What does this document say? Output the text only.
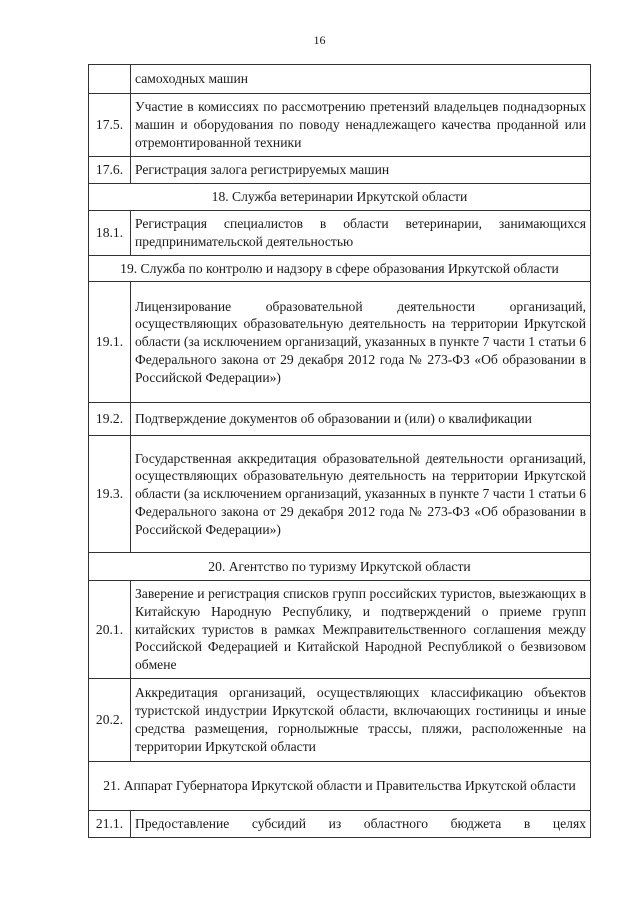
16
	самоходных машин
17.5.	Участие в комиссиях по рассмотрению претензий владельцев поднадзорных машин и оборудования по поводу ненадлежащего качества проданной или отремонтированной техники
17.6.	Регистрация залога регистрируемых машин
18. Служба ветеринарии Иркутской области	
18.1.	Регистрация специалистов в области ветеринарии, занимающихся предпринимательской деятельностью
19. Служба по контролю и надзору в сфере образования Иркутской области	
19.1.	Лицензирование образовательной деятельности организаций, осуществляющих образовательную деятельность на территории Иркутской области (за исключением организаций, указанных в пункте 7 части 1 статьи 6 Федерального закона от 29 декабря 2012 года № 273-ФЗ «Об образовании в Российской Федерации»)
19.2.	Подтверждение документов об образовании и (или) о квалификации
19.3.	Государственная аккредитация образовательной деятельности организаций, осуществляющих образовательную деятельность на территории Иркутской области (за исключением организаций, указанных в пункте 7 части 1 статьи 6 Федерального закона от 29 декабря 2012 года № 273-ФЗ «Об образовании в Российской Федерации»)
20. Агентство по туризму Иркутской области	
20.1.	Заверение и регистрация списков групп российских туристов, выезжающих в Китайскую Народную Республику, и подтверждений о приеме групп китайских туристов в рамках Межправительственного соглашения между Российской Федерацией и Китайской Народной Республикой о безвизовом обмене
20.2.	Аккредитация организаций, осуществляющих классификацию объектов туристской индустрии Иркутской области, включающих гостиницы и иные средства размещения, горнолыжные трассы, пляжи, расположенные на территории Иркутской области
21. Аппарат Губернатора Иркутской области и Правительства Иркутской области	
21.1.	Предоставление субсидий из областного бюджета в целях
